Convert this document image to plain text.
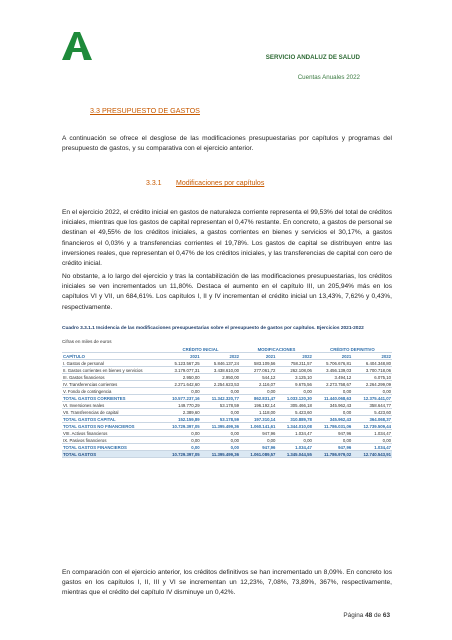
SERVICIO ANDALUZ DE SALUD
Cuentas Anuales 2022
3.3 PRESUPUESTO DE GASTOS
A continuación se ofrece el desglose de las modificaciones presupuestarias por capítulos y programas del presupuesto de gastos, y su comparativa con el ejercicio anterior.
3.3.1 Modificaciones por capítulos
En el ejercicio 2022, el crédito inicial en gastos de naturaleza corriente representa el 99,53% del total de créditos iniciales, mientras que los gastos de capital representan el 0,47% restante. En concreto, a gastos de personal se destinan el 49,55% de los créditos iniciales, a gastos corrientes en bienes y servicios el 30,17%, a gastos financieros el 0,03% y a transferencias corrientes el 19,78%. Los gastos de capital se distribuyen entre las inversiones reales, que representan el 0,47% de los créditos iniciales, y las transferencias de capital con cero de crédito inicial.
No obstante, a lo largo del ejercicio y tras la contabilización de las modificaciones presupuestarias, los créditos iniciales se ven incrementados un 11,80%. Destaca el aumento en el capítulo III, un 205,94% más en los capítulos VI y VII, un 684,61%. Los capítulos I, II y IV incrementan el crédito inicial un 13,43%, 7,62% y 0,43%, respectivamente.
Cuadro 3.3.1.1 Incidencia de las modificaciones presupuestarias sobre el presupuesto de gastos por capítulos. Ejercicios 2021-2022
Cifras en miles de euros
	CRÉDITO INICIAL		MODIFICACIONES		CRÉDITO DEFINITIVO	
CAPÍTULO	2021	2022	2021	2022	2021	2022
I. Gastos de personal	5.123.567,25	5.846.137,24	583.109,56	758.211,57	5.706.676,81	6.404.348,80
II. Gastos corrientes en bienes y servicios	3.179.077,31	3.438.610,00	277.061,72	262.108,06	3.456.139,03	3.700.718,06
III. Gastos financieros	2.950,00	2.950,00	544,12	3.125,10	3.494,12	6.075,10
IV. Transferencias corrientes	2.271.642,60	2.254.623,53	2.116,07	9.675,56	2.273.758,67	2.264.299,09
V. Fondo de contingencia	0,00	0,00	0,00	0,00	0,00	0,00
TOTAL GASTOS CORRIENTES	10.577.237,16	11.342.320,77	862.831,47	1.033.120,30	11.440.068,63	12.375.441,07
VI. Inversiones reales	149.770,29	53.178,59	196.192,14	305.466,18	345.962,43	358.644,77
VII. Transferencias de capital	2.389,60	0,00	1.118,00	5.423,60	0,00	5.423,60
TOTAL GASTOS CAPITAL	152.159,89	53.178,59	197.310,14	310.889,78	345.962,43	364.068,37
TOTAL GASTOS NO FINANCIEROS	10.729.397,05	11.395.499,36	1.060.141,61	1.344.010,08	11.786.031,06	12.739.509,44
VIII. Activos financieros	0,00	0,00	947,96	1.034,47	947,96	1.034,47
IX. Pasivos financieros	0,00	0,00	0,00	0,00	0,00	0,00
TOTAL GASTOS FINANCIEROS	0,00	0,00	947,96	1.034,47	947,96	1.034,47
TOTAL GASTOS	10.729.397,05	11.395.499,36	1.061.089,57	1.345.044,55	11.786.979,02	12.740.543,91
En comparación con el ejercicio anterior, los créditos definitivos se han incrementado un 8,09%. En concreto los gastos en los capítulos I, II, III y VI se incrementan un 12,23%, 7,08%, 73,89%, 367%, respectivamente, mientras que el crédito del capítulo IV disminuye un 0,42%.
Página 48 de 63
